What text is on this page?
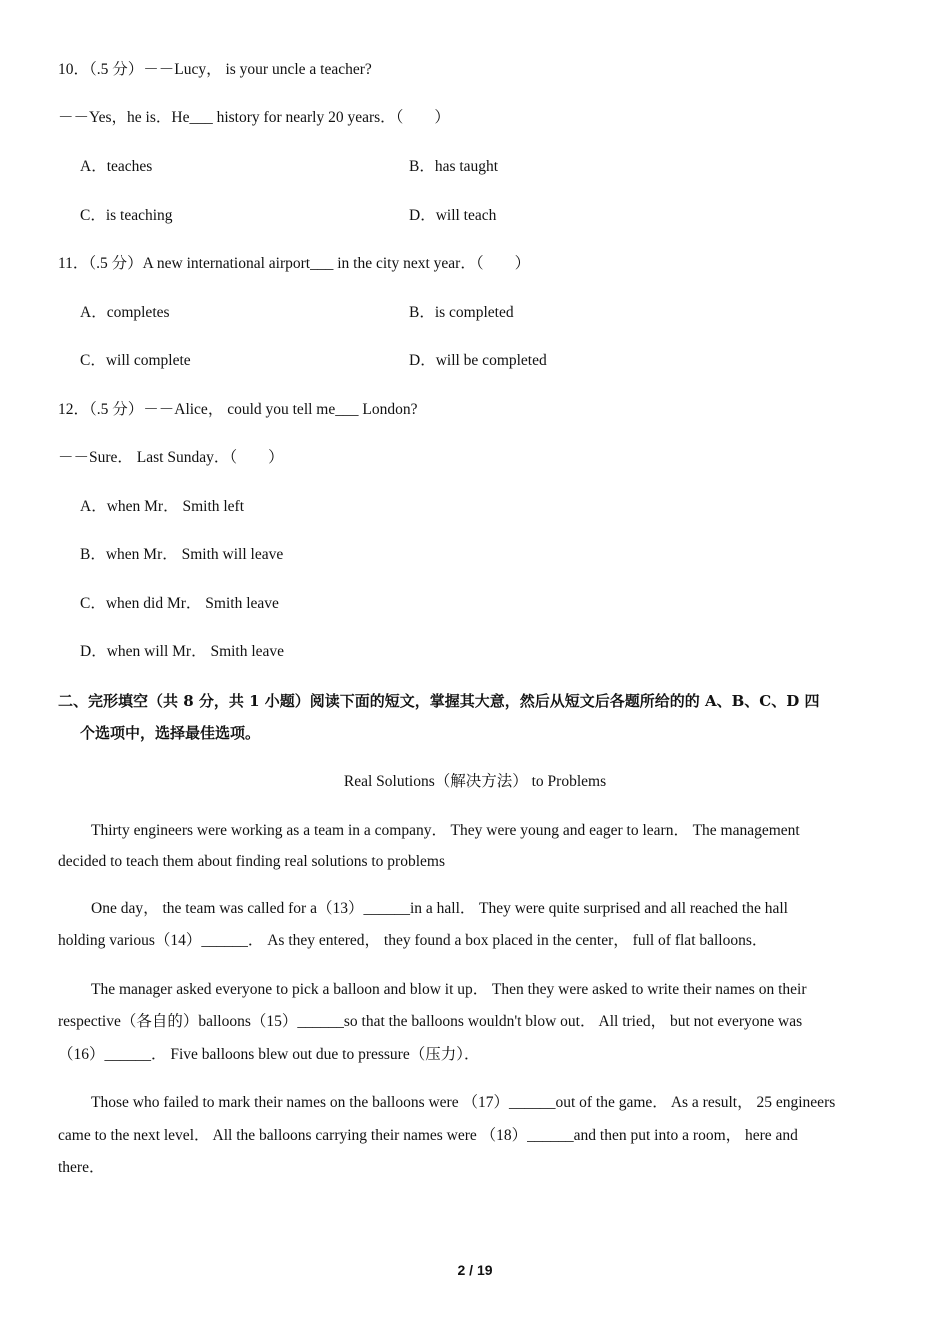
10．（.5 分）－－Lucy， is your uncle a teacher?
－－Yes，he is．He___ history for nearly 20 years．（　　）
A．teaches	B．has taught
C．is teaching	D．will teach
11．（.5 分）A new international airport___ in the city next year．（　　）
A．completes	B．is completed
C．will complete	D．will be completed
12．（.5 分）－－Alice， could you tell me___ London?
－－Sure． Last Sunday．（　　）
A．when Mr． Smith left
B．when Mr． Smith will leave
C．when did Mr． Smith leave
D．when will Mr． Smith leave
二、完形填空（共 8 分，共 1 小题）阅读下面的短文，掌握其大意，然后从短文后各题所给的的 A、B、C、D 四
个选项中，选择最佳选项。
Real Solutions（解决方法） to Problems
Thirty engineers were working as a team in a company． They were young and eager to learn． The management
decided to teach them about finding real solutions to problems
One day， the team was called for a（13）______in a hall． They were quite surprised and all reached the hall
holding various（14）______． As they entered， they found a box placed in the center， full of flat balloons．
The manager asked everyone to pick a balloon and blow it up． Then they were asked to write their names on their
respective（各自的）balloons（15）______so that the balloons wouldn't blow out． All tried， but not everyone was
（16）______． Five balloons blew out due to pressure（压力）．
Those who failed to mark their names on the balloons were （17）______out of the game． As a result， 25 engineers
came to the next level． All the balloons carrying their names were （18）______and then put into a room， here and
there．
2 / 19
